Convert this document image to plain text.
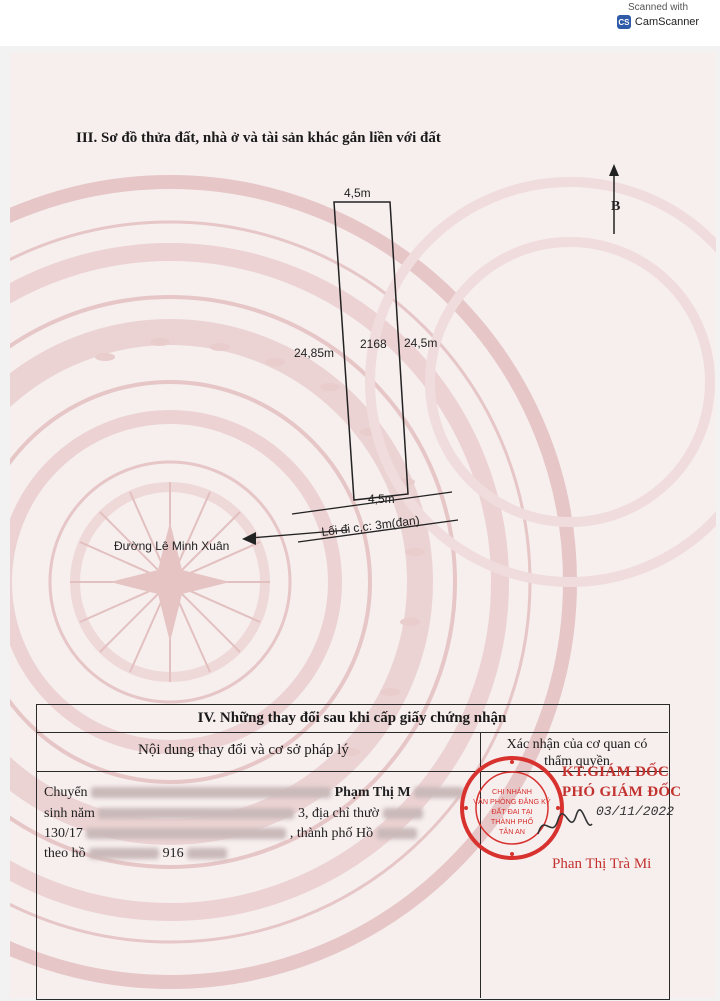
Scanned with
CS CamScanner
III. Sơ đồ thửa đất, nhà ở và tài sản khác gắn liền với đất
B
4,5m
2168
24,85m
24,5m
4,5m
Lối đi c,c: 3m(đan)
Đường Lê Minh Xuân
IV. Những thay đổi sau khi cấp giấy chứng nhận
Nội dung thay đổi và cơ sở pháp lý	Xác nhận của cơ quan có thẩm quyền
Chuyển	Phạm Thị M
sinh năm	3, địa chỉ thườ
130/17	, thành phố Hồ
theo hồ	916
CHI NHÁNH
VĂN PHÒNG ĐĂNG KÝ
ĐẤT ĐAI TẠI
THÀNH PHỐ
TÂN AN
KT.GIÁM ĐỐC
PHÓ GIÁM ĐỐC
03/11/2022
Phan Thị Trà Mi
